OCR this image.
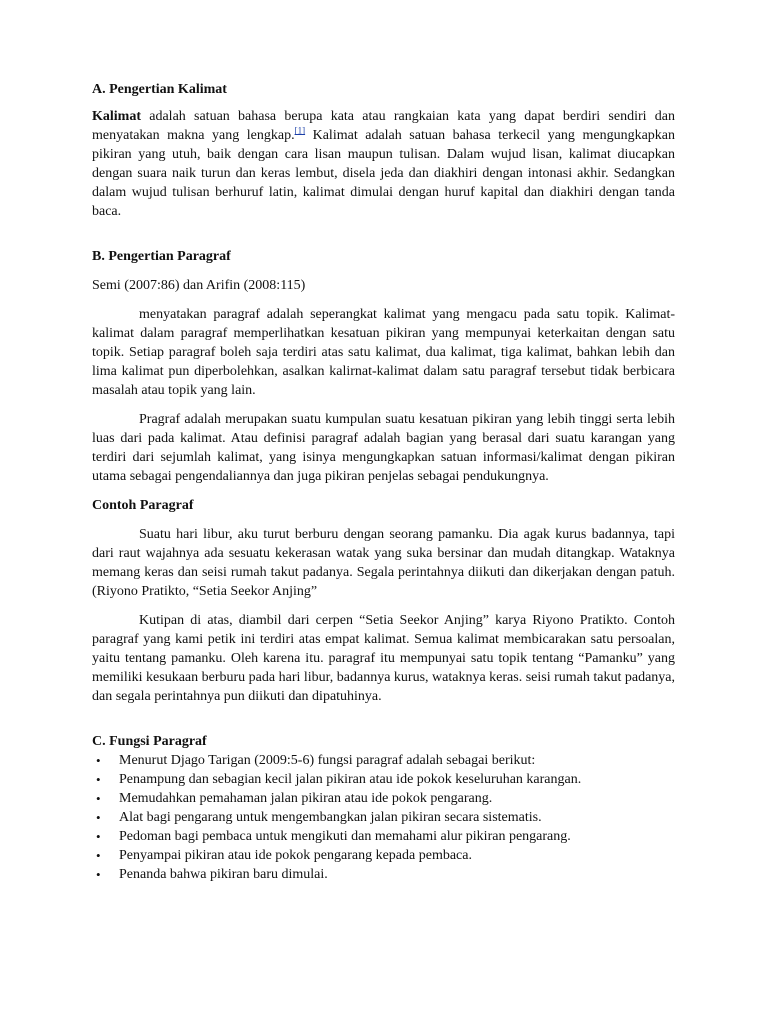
A. Pengertian Kalimat

Kalimat adalah satuan bahasa berupa kata atau rangkaian kata yang dapat berdiri sendiri dan menyatakan makna yang lengkap.[1] Kalimat adalah satuan bahasa terkecil yang mengungkapkan pikiran yang utuh, baik dengan cara lisan maupun tulisan. Dalam wujud lisan, kalimat diucapkan dengan suara naik turun dan keras lembut, disela jeda dan diakhiri dengan intonasi akhir. Sedangkan dalam wujud tulisan berhuruf latin, kalimat dimulai dengan huruf kapital dan diakhiri dengan tanda baca.

B. Pengertian Paragraf

Semi (2007:86) dan Arifin (2008:115)

menyatakan paragraf adalah seperangkat kalimat yang mengacu pada satu topik. Kalimat-kalimat dalam paragraf memperlihatkan kesatuan pikiran yang mempunyai keterkaitan dengan satu topik. Setiap paragraf boleh saja terdiri atas satu kalimat, dua kalimat, tiga kalimat, bahkan lebih dan lima kalimat pun diperbolehkan, asalkan kalirnat-kalimat dalam satu paragraf tersebut tidak berbicara masalah atau topik yang lain.

Pragraf adalah merupakan suatu kumpulan suatu kesatuan pikiran yang lebih tinggi serta lebih luas dari pada kalimat. Atau definisi paragraf adalah bagian yang berasal dari suatu karangan yang terdiri dari sejumlah kalimat, yang isinya mengungkapkan satuan informasi/kalimat dengan pikiran utama sebagai pengendaliannya dan juga pikiran penjelas sebagai pendukungnya.

Contoh Paragraf

Suatu hari libur, aku turut berburu dengan seorang pamanku. Dia agak kurus badannya, tapi dari raut wajahnya ada sesuatu kekerasan watak yang suka bersinar dan mudah ditangkap. Wataknya memang keras dan seisi rumah takut padanya. Segala perintahnya diikuti dan dikerjakan dengan patuh. (Riyono Pratikto, “Setia Seekor Anjing”

Kutipan di atas, diambil dari cerpen “Setia Seekor Anjing” karya Riyono Pratikto. Contoh paragraf yang kami petik ini terdiri atas empat kalimat. Semua kalimat membicarakan satu persoalan, yaitu tentang pamanku. Oleh karena itu. paragraf itu mempunyai satu topik tentang “Pamanku” yang memiliki kesukaan berburu pada hari libur, badannya kurus, wataknya keras. seisi rumah takut padanya, dan segala perintahnya pun diikuti dan dipatuhinya.

C. Fungsi Paragraf
• Menurut Djago Tarigan (2009:5-6) fungsi paragraf adalah sebagai berikut:
• Penampung dan sebagian kecil jalan pikiran atau ide pokok keseluruhan karangan.
• Memudahkan pemahaman jalan pikiran atau ide pokok pengarang.
• Alat bagi pengarang untuk mengembangkan jalan pikiran secara sistematis.
• Pedoman bagi pembaca untuk mengikuti dan memahami alur pikiran pengarang.
• Penyampai pikiran atau ide pokok pengarang kepada pembaca.
• Penanda bahwa pikiran baru dimulai.
